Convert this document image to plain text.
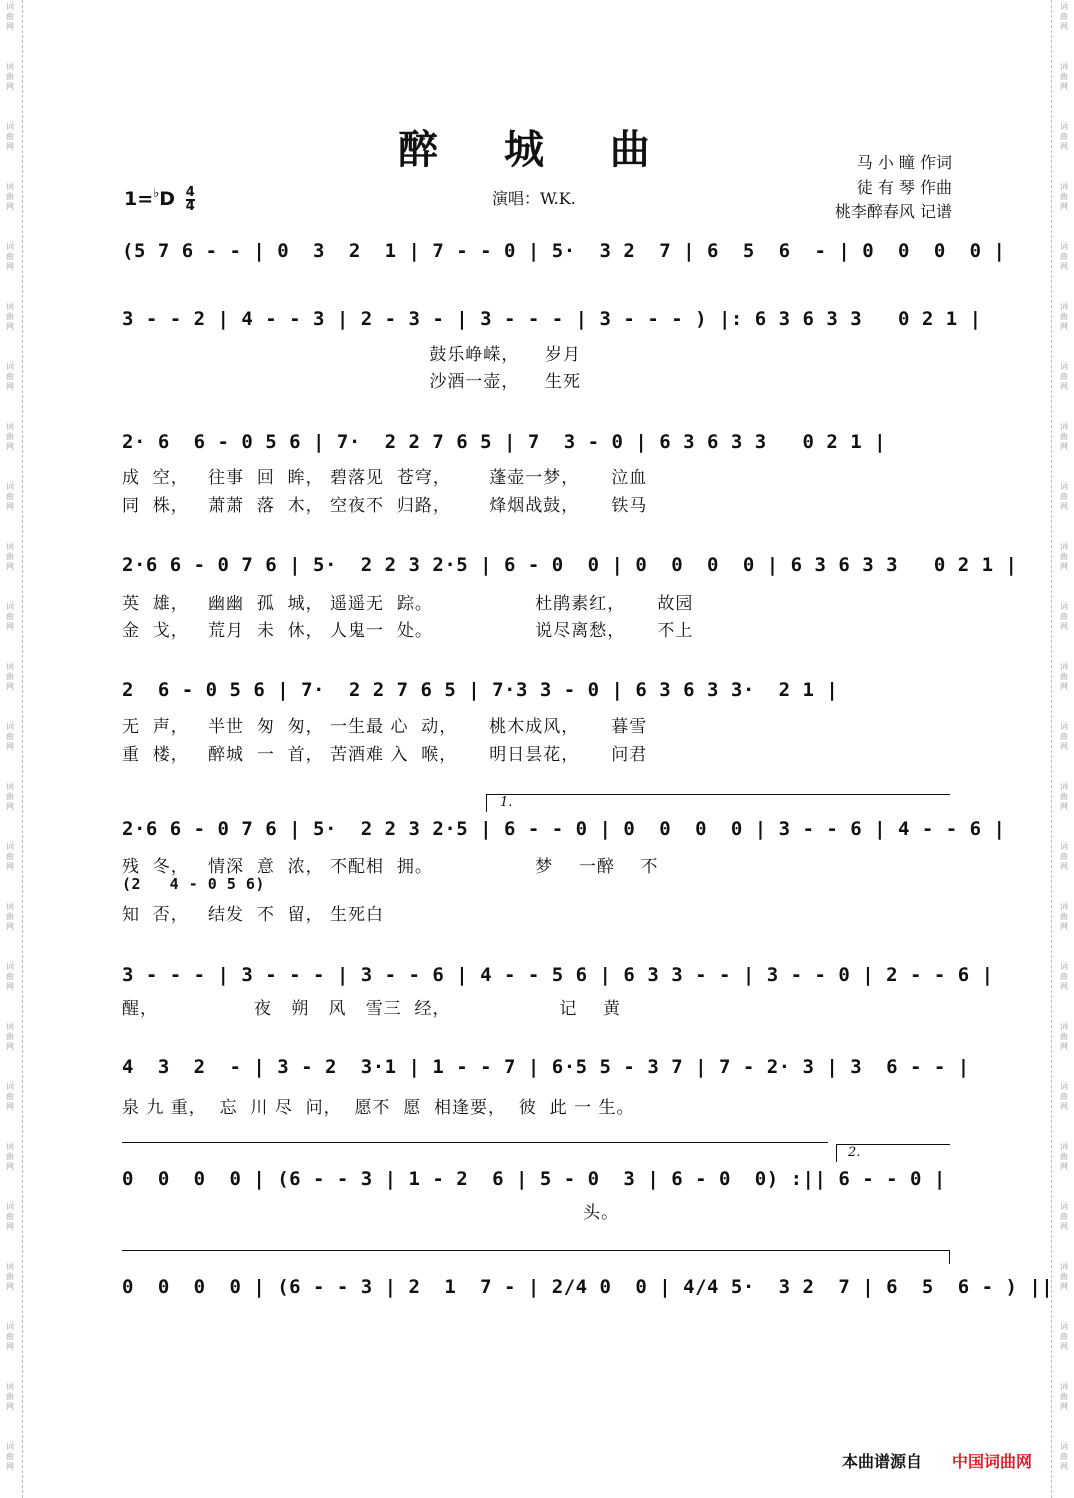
词曲网
词曲网
词曲网
词曲网
词曲网
词曲网
词曲网
词曲网
词曲网
词曲网
词曲网
词曲网
词曲网
词曲网
词曲网
词曲网
词曲网
词曲网
词曲网
词曲网
词曲网
词曲网
词曲网
词曲网
词曲网
词曲网
词曲网
词曲网
词曲网
词曲网
词曲网
词曲网
词曲网
词曲网
词曲网
词曲网
词曲网
词曲网
词曲网
词曲网
词曲网
词曲网
词曲网
词曲网
词曲网
词曲网
词曲网
词曲网
词曲网
词曲网
醉 城 曲	马 小 瞳 作词
徒 有 琴 作曲
桃李醉春风 记谱
$1=^♭D \frac{4}{4}$	演唱：W.K.
(5 7 6 - - | 0  3  2  1 | 7 - - 0 | 5·  3 2  7 | 6  5  6  - | 0  0  0  0 |
3 - - 2 | 4 - - 3 | 2 - 3 - | 3 - - - | 3 - - - ) |: 6 3 6 3 3   0 2 1 |
鼓乐峥嵘，    岁月
沙酒一壶，    生死
2· 6  6 - 0 5 6 | 7·  2 2 7 6 5 | 7  3 - 0 | 6 3 6 3 3   0 2 1 |
成  空，   往事  回  眸， 碧落见  苍穹，      蓬壶一梦，     泣血
同  株，   萧萧  落  木， 空夜不  归路，      烽烟战鼓，     铁马
2·6 6 - 0 7 6 | 5·  2 2 3 2·5 | 6 - 0  0 | 0  0  0  0 | 6 3 6 3 3   0 2 1 |
英  雄，   幽幽  孤  城， 遥遥无  踪。                杜鹃素红，     故园
金  戈，   荒月  未  休， 人鬼一  处。                说尽离愁，     不上
2  6 - 0 5 6 | 7·  2 2 7 6 5 | 7·3 3 - 0 | 6 3 6 3 3·  2 1 |
无  声，   半世  匆  匆， 一生最 心  动，     桃木成风，     暮雪
重  楼，   醉城  一  首， 苦酒难 入  喉，     明日昙花，     问君
1.
2·6 6 - 0 7 6 | 5·  2 2 3 2·5 | 6 - - 0 | 0  0  0  0 | 3 - - 6 | 4 - - 6 |
残  冬，   情深  意  浓， 不配相  拥。                梦    一醉    不
(2   4 - 0 5 6)
知  否，   结发  不  留， 生死白
3 - - - | 3 - - - | 3 - - 6 | 4 - - 5 6 | 6 3 3 - - | 3 - - 0 | 2 - - 6 |
醒，               夜   朔   风   雪三  经，                 记    黄
4  3  2  - | 3 - 2  3·1 | 1 - - 7 | 6·5 5 - 3 7 | 7 - 2· 3 | 3  6 - - |
泉 九 重，  忘  川 尽  问，  愿不  愿  相逢要，  彼  此 一 生。
2.
0  0  0  0 | (6 - - 3 | 1 - 2  6 | 5 - 0  3 | 6 - 0  0) :|| 6 - - 0 |
头。
0  0  0  0 | (6 - - 3 | 2  1  7 - | 2/4 0  0 | 4/4 5·  3 2  7 | 6  5  6 - ) ||
本曲谱源自 中国词曲网
